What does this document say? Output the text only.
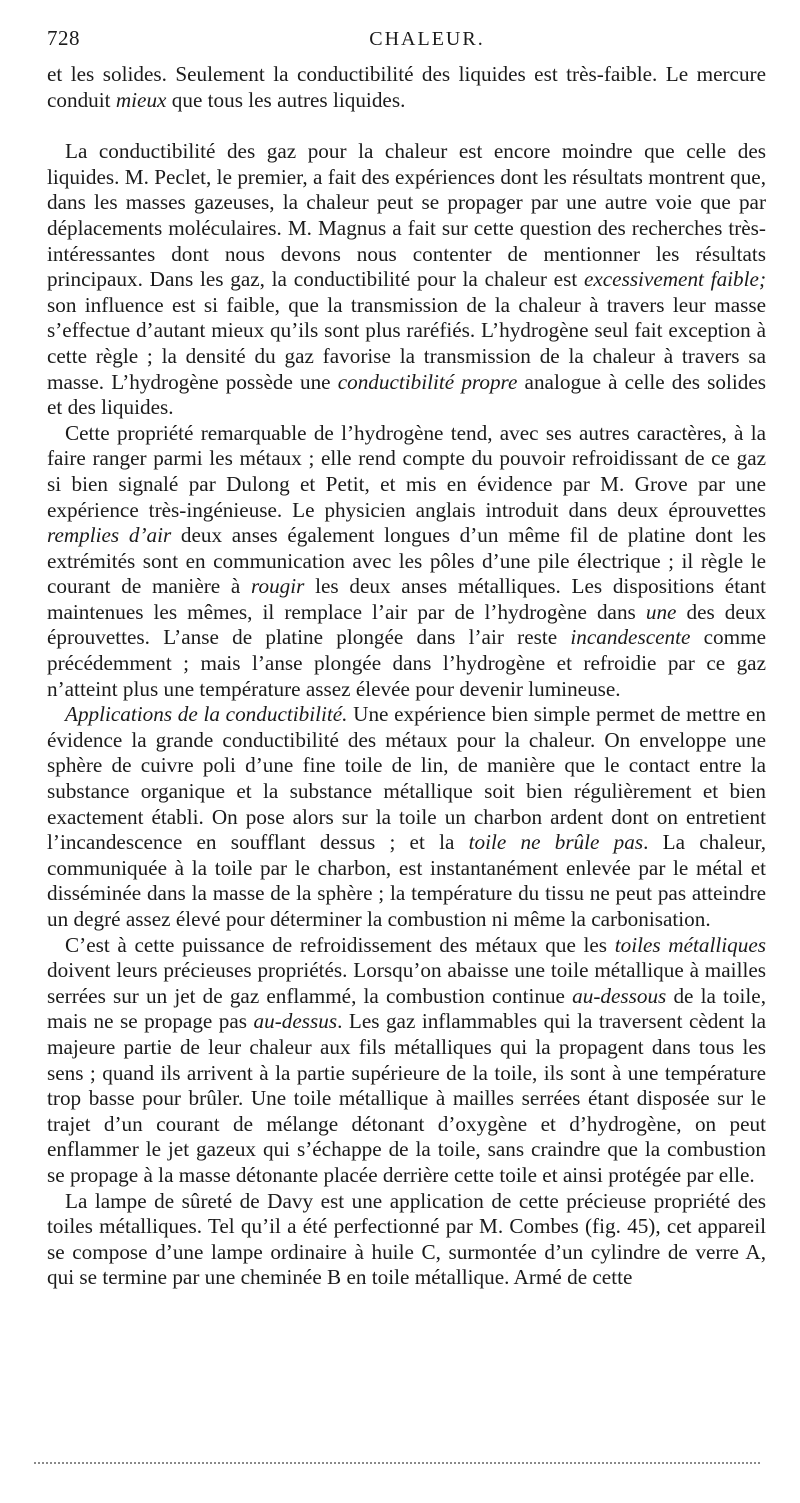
728	CHALEUR.

et les solides. Seulement la conductibilité des liquides est très-faible. Le mercure conduit mieux que tous les autres liquides.

La conductibilité des gaz pour la chaleur est encore moindre que celle des liquides. M. Peclet, le premier, a fait des expériences dont les résultats montrent que, dans les masses gazeuses, la chaleur peut se propager par une autre voie que par déplacements moléculaires. M. Magnus a fait sur cette question des recherches très-intéressantes dont nous devons nous contenter de mentionner les résultats principaux. Dans les gaz, la conductibilité pour la chaleur est excessivement faible; son influence est si faible, que la transmission de la chaleur à travers leur masse s’effectue d’autant mieux qu’ils sont plus raréfiés. L’hydrogène seul fait exception à cette règle ; la densité du gaz favorise la transmission de la chaleur à travers sa masse. L’hydrogène possède une conductibilité propre analogue à celle des solides et des liquides.

Cette propriété remarquable de l’hydrogène tend, avec ses autres caractères, à la faire ranger parmi les métaux ; elle rend compte du pouvoir refroidissant de ce gaz si bien signalé par Dulong et Petit, et mis en évidence par M. Grove par une expérience très-ingénieuse. Le physicien anglais introduit dans deux éprouvettes remplies d’air deux anses également longues d’un même fil de platine dont les extrémités sont en communication avec les pôles d’une pile électrique ; il règle le courant de manière à rougir les deux anses métalliques. Les dispositions étant maintenues les mêmes, il remplace l’air par de l’hydrogène dans une des deux éprouvettes. L’anse de platine plongée dans l’air reste incandescente comme précédemment ; mais l’anse plongée dans l’hydrogène et refroidie par ce gaz n’atteint plus une température assez élevée pour devenir lumineuse.

Applications de la conductibilité. Une expérience bien simple permet de mettre en évidence la grande conductibilité des métaux pour la chaleur. On enveloppe une sphère de cuivre poli d’une fine toile de lin, de manière que le contact entre la substance organique et la substance métallique soit bien régulièrement et bien exactement établi. On pose alors sur la toile un charbon ardent dont on entretient l’incandescence en soufflant dessus ; et la toile ne brûle pas. La chaleur, communiquée à la toile par le charbon, est instantanément enlevée par le métal et disséminée dans la masse de la sphère ; la température du tissu ne peut pas atteindre un degré assez élevé pour déterminer la combustion ni même la carbonisation.

C’est à cette puissance de refroidissement des métaux que les toiles métalliques doivent leurs précieuses propriétés. Lorsqu’on abaisse une toile métallique à mailles serrées sur un jet de gaz enflammé, la combustion continue au-dessous de la toile, mais ne se propage pas au-dessus. Les gaz inflammables qui la traversent cèdent la majeure partie de leur chaleur aux fils métalliques qui la propagent dans tous les sens ; quand ils arrivent à la partie supérieure de la toile, ils sont à une température trop basse pour brûler. Une toile métallique à mailles serrées étant disposée sur le trajet d’un courant de mélange détonant d’oxygène et d’hydrogène, on peut enflammer le jet gazeux qui s’échappe de la toile, sans craindre que la combustion se propage à la masse détonante placée derrière cette toile et ainsi protégée par elle.

La lampe de sûreté de Davy est une application de cette précieuse propriété des toiles métalliques. Tel qu’il a été perfectionné par M. Combes (fig. 45), cet appareil se compose d’une lampe ordinaire à huile C, surmontée d’un cylindre de verre A, qui se termine par une cheminée B en toile métallique. Armé de cette
